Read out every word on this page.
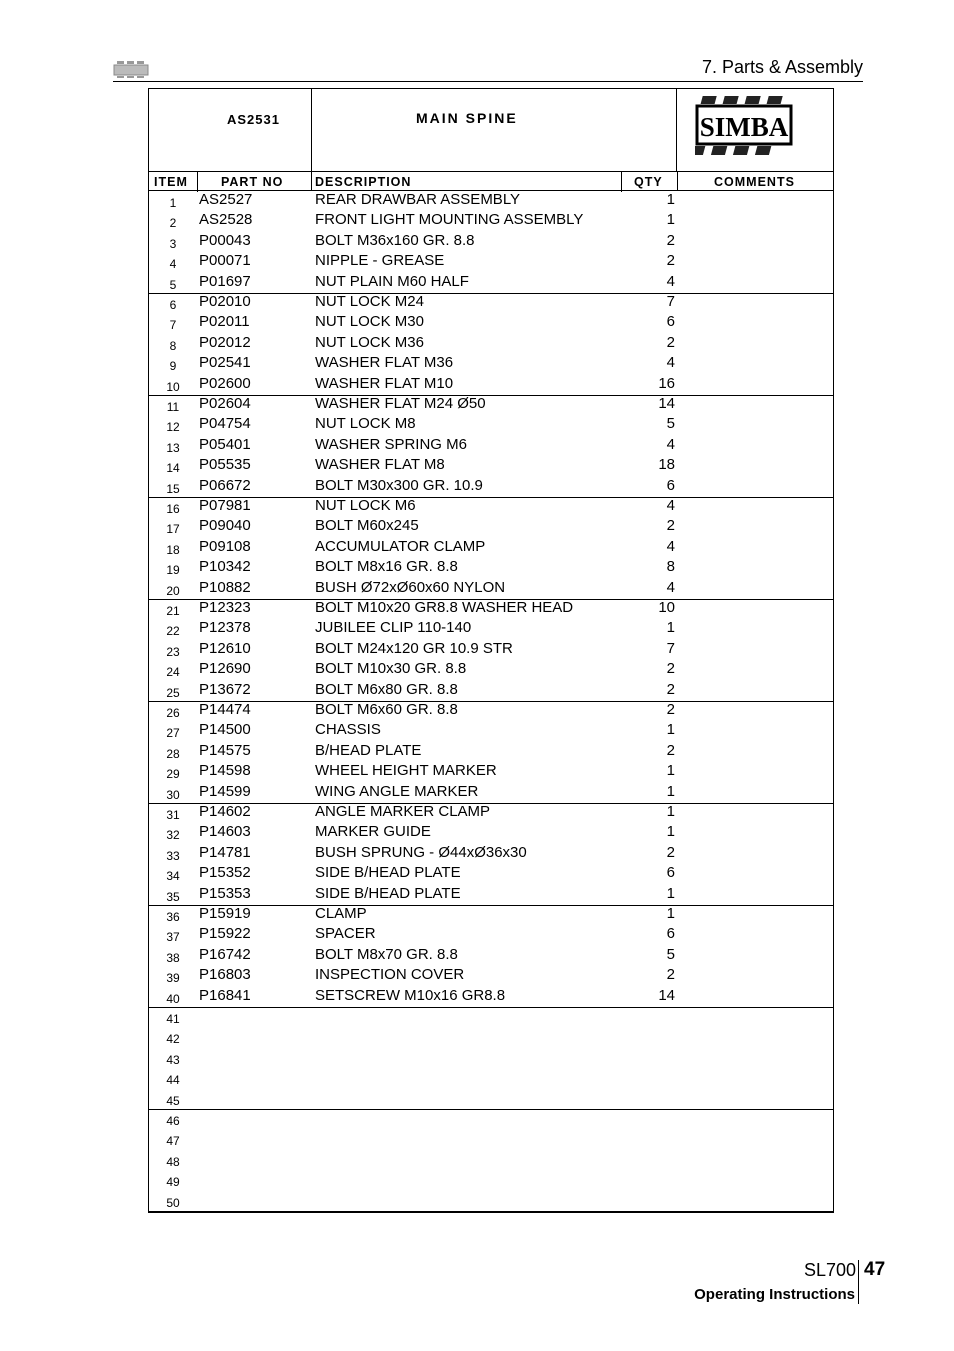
7. Parts & Assembly
AS2531	MAIN SPINE	SIMBA
ITEM	PART NO	DESCRIPTION	QTY	COMMENTS
1	AS2527	REAR DRAWBAR ASSEMBLY	1
2	AS2528	FRONT LIGHT MOUNTING ASSEMBLY	1
3	P00043	BOLT M36x160 GR. 8.8	2
4	P00071	NIPPLE - GREASE	2
5	P01697	NUT PLAIN M60 HALF	4
6	P02010	NUT LOCK M24	7
7	P02011	NUT LOCK M30	6
8	P02012	NUT LOCK M36	2
9	P02541	WASHER FLAT M36	4
10	P02600	WASHER FLAT M10	16
11	P02604	WASHER FLAT M24 Ø50	14
12	P04754	NUT LOCK M8	5
13	P05401	WASHER SPRING M6	4
14	P05535	WASHER FLAT M8	18
15	P06672	BOLT M30x300 GR. 10.9	6
16	P07981	NUT LOCK M6	4
17	P09040	BOLT M60x245	2
18	P09108	ACCUMULATOR CLAMP	4
19	P10342	BOLT M8x16 GR. 8.8	8
20	P10882	BUSH Ø72xØ60x60 NYLON	4
21	P12323	BOLT M10x20 GR8.8 WASHER HEAD	10
22	P12378	JUBILEE CLIP 110-140	1
23	P12610	BOLT M24x120 GR 10.9 STR	7
24	P12690	BOLT M10x30 GR. 8.8	2
25	P13672	BOLT M6x80 GR. 8.8	2
26	P14474	BOLT M6x60 GR. 8.8	2
27	P14500	CHASSIS	1
28	P14575	B/HEAD PLATE	2
29	P14598	WHEEL HEIGHT MARKER	1
30	P14599	WING ANGLE MARKER	1
31	P14602	ANGLE MARKER CLAMP	1
32	P14603	MARKER GUIDE	1
33	P14781	BUSH SPRUNG - Ø44xØ36x30	2
34	P15352	SIDE B/HEAD PLATE	6
35	P15353	SIDE B/HEAD PLATE	1
36	P15919	CLAMP	1
37	P15922	SPACER	6
38	P16742	BOLT M8x70 GR. 8.8	5
39	P16803	INSPECTION COVER	2
40	P16841	SETSCREW M10x16 GR8.8	14
41
42
43
44
45
46
47
48
49
50
SL700 47
Operating Instructions
